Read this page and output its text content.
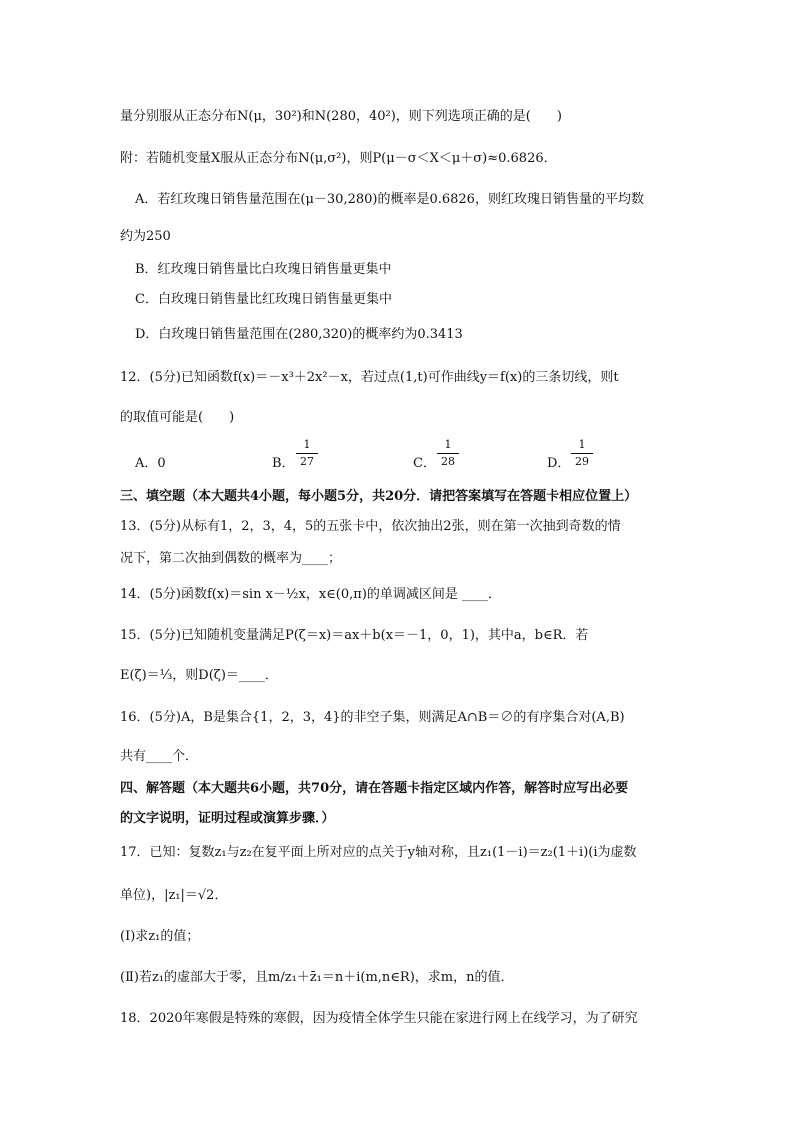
量分别服从正态分布N(μ，30²)和N(280，40²)，则下列选项正确的是(　　)
附：若随机变量X服从正态分布N(μ,σ²)，则P(μ－σ＜X＜μ＋σ)≈0.6826．
A．若红玫瑰日销售量范围在(μ－30,280)的概率是0.6826，则红玫瑰日销售量的平均数
约为250
B．红玫瑰日销售量比白玫瑰日销售量更集中
C．白玫瑰日销售量比红玫瑰日销售量更集中
D．白玫瑰日销售量范围在(280,320)的概率约为0.3413
12．(5分)已知函数f(x)＝－x³＋2x²－x，若过点(1,t)可作曲线y＝f(x)的三条切线，则t
的取值可能是(　　)
A．0	B． $\frac{1}{27}$	C． $\frac{1}{28}$	D． $\frac{1}{29}$
三、填空题（本大题共4小题，每小题5分，共20分．请把答案填写在答题卡相应位置上）
13．(5分)从标有1，2，3，4，5的五张卡中，依次抽出2张，则在第一次抽到奇数的情
况下，第二次抽到偶数的概率为____；
14．(5分)函数f(x)＝sin x－½x，x∈(0,π)的单调减区间是 ____．
15．(5分)已知随机变量满足P(ζ＝x)＝ax＋b(x＝－1，0，1)，其中a，b∈R．若
E(ζ)＝⅓，则D(ζ)＝____．
16．(5分)A，B是集合{1，2，3，4}的非空子集，则满足A∩B＝∅的有序集合对(A,B)
共有____个．
四、解答题（本大题共6小题，共70分，请在答题卡指定区域内作答，解答时应写出必要
的文字说明，证明过程或演算步骤．）
17．已知：复数z₁与z₂在复平面上所对应的点关于y轴对称，且z₁(1－i)＝z₂(1＋i)(i为虚数
单位)，|z₁|＝√2．
(Ⅰ)求z₁的值；
(Ⅱ)若z₁的虚部大于零，且m/z₁＋z̄₁＝n＋i(m,n∈R)，求m，n的值．
18．2020年寒假是特殊的寒假，因为疫情全体学生只能在家进行网上在线学习，为了研究
